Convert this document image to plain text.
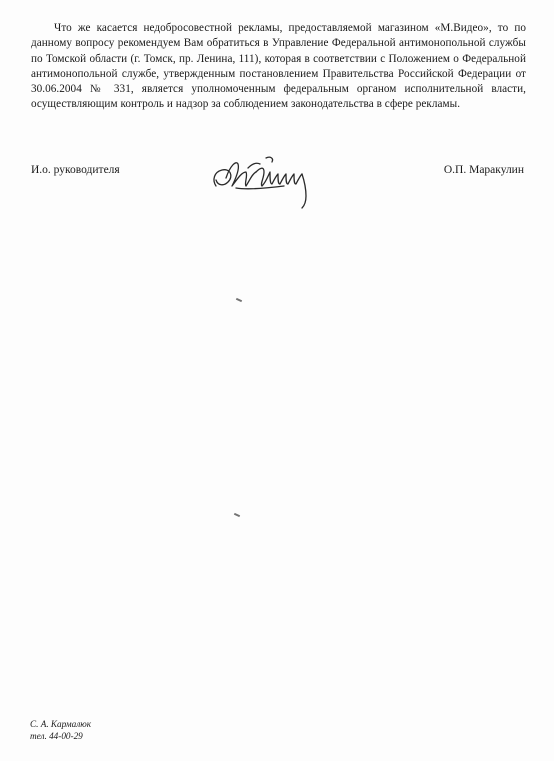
Что же касается недобросовестной рекламы, предоставляемой магазином «М.Видео», то по данному вопросу рекомендуем Вам обратиться в Управление Федеральной антимонопольной службы по Томской области (г. Томск, пр. Ленина, 111), которая в соответствии с Положением о Федеральной антимонопольной службе, утвержденным постановлением Правительства Российской Федерации от 30.06.2004 № 331, является уполномоченным федеральным органом исполнительной власти, осуществляющим контроль и надзор за соблюдением законодательства в сфере рекламы.

И.о. руководителя	О.П. Маракулин
С. А. Кармалюк
тел. 44-00-29
